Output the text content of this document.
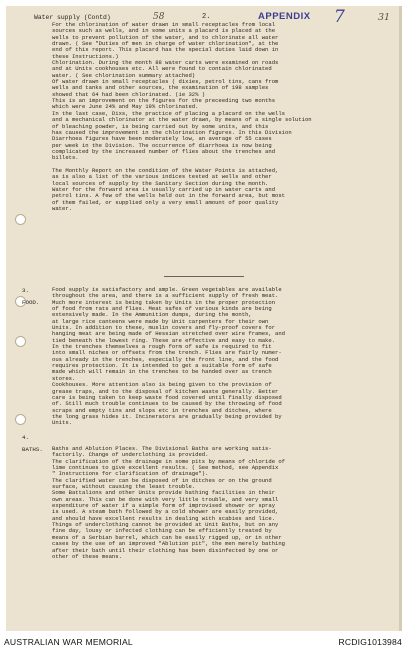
Water supply (Contd)	58	2.	APPENDIX 7	31

For the chlorination of water drawn in small receptacles from local

sources such as wells, and in some units a placard is placed at the

wells to prevent pollution of the water, and to chlorinate all water

drawn. ( See "Duties of men in charge of water chlorination", at the

end of this report. This placard has the special duties laid down in

these Instructions.)

Chlorination. During the month 88 water carts were examined on roads

and at Units cookhouses etc. All were found to contain chlorinated

water. ( See chlorination summary attached)

Of water drawn in small receptacles ( dixies, petrol tins, cans from

wells and tanks and other sources, the examination of 198 samples

showed that 64 had been chlorinated. (ie 32% )

This is an improvement on the figures for the preceeding two months

which were June 24% and May 19% chlorinated.

In the last case, Dixs, the practice of placing a placard on the wells

and a mechanical chlorinator at the water drawn, by means of a single solution

of bleaching powder, is being carried out by some units, and this

has caused the improvement in the chlorination figures. In this Division

Diarrhoea figures have been moderately low, an average of 55 cases

per week in the Division. The occurrence of diarrhoea is now being

complicated by the increased number of flies about the trenches and

billets.

The Monthly Report on the condition of the Water Points is attached,

as is also a list of the various indices tested at wells and other

local sources of supply by the Sanitary Section during the month.

Water for the forward area is usually carried up in water carts and

petrol tins. A few of the wells held out in the forward area, but most

of them failed, or supplied only a very small amount of poor quality

water.

3.
FOOD.

Food supply is satisfactory and ample. Green vegetables are available

throughout the area, and there is a sufficient supply of fresh meat.

Much more interest is being taken by Units in the proper protection

of food from rats and flies. Meat safes of various kinds are being

extensively made. In the Ammunition dumps, during the month,

at large rice canteens were made by Unit carpenters for their own

Units. In addition to these, muslin covers and fly-proof covers for

hanging meat are being made of Hessian stretched over wire frames, and

tied beneath the lowest ring. These are effective and easy to make.

In the trenches themselves a rough form of safe is required to fit

into small niches or offsets from the trench. Flies are fairly numer-

ous already in the trenches, especially the front line, and the food

requires protection. It is intended to get a suitable form of safe

made which will remain in the trenches to be handed over as trench

stores.

Cookhouses. More attention also is being given to the provision of

grease traps, and to the disposal of kitchen waste generally. Better

care is being taken to keep waste food covered until finally disposed

of. Still much trouble continues to be caused by the throwing of food

scraps and empty tins and slops etc in trenches and ditches, where

the long grass hides it. Incinerators are gradually being provided by

Units.

4.
BATHS. Baths and Ablution Places. The Divisional Baths are working satis-

factorily. Change of underclothing is provided.

The clarification of the drainage in some pits by means of chloride of

lime continues to give excellent results. ( See method, see Appendix

" Instructions for clarification of drainage").

The clarified water can be disposed of in ditches or on the ground

surface, without causing the least trouble.

Some Battalions and other Units provide bathing facilities in their

own areas. This can be done with very little trouble, and very small

expenditure of water if a simple form of improvised shower or spray

is used. A steam bath followed by a cold shower are easily provided,

and should have excellent results in dealing with scabies and lice.

Things of underclothing cannot be provided at Unit Baths, but on any

fine day, lousy or infected clothing can be efficiently treated by

means of a Serbian barrel, which can be easily rigged up, or in other

cases by the use of an improved "Ablution pit", the men merely bathing

after their bath until their clothing has been disinfected by one or

other of these means.

AUSTRALIAN WAR MEMORIAL	RCDIG1013984
